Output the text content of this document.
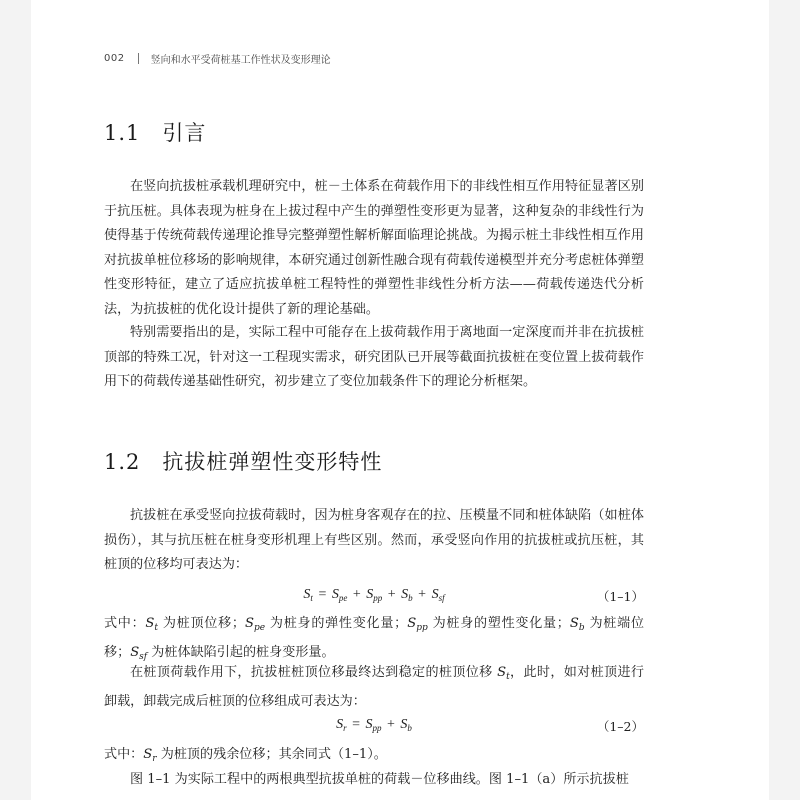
002	竖向和水平受荷桩基工作性状及变形理论
1.1 引言

在竖向抗拔桩承载机理研究中，桩－土体系在荷载作用下的非线性相互作用特征显著区别于抗压桩。具体表现为桩身在上拔过程中产生的弹塑性变形更为显著，这种复杂的非线性行为使得基于传统荷载传递理论推导完整弹塑性解析解面临理论挑战。为揭示桩土非线性相互作用对抗拔单桩位移场的影响规律，本研究通过创新性融合现有荷载传递模型并充分考虑桩体弹塑性变形特征，建立了适应抗拔单桩工程特性的弹塑性非线性分析方法——荷载传递迭代分析法，为抗拔桩的优化设计提供了新的理论基础。

特别需要指出的是，实际工程中可能存在上拔荷载作用于离地面一定深度而并非在抗拔桩顶部的特殊工况，针对这一工程现实需求，研究团队已开展等截面抗拔桩在变位置上拔荷载作用下的荷载传递基础性研究，初步建立了变位加载条件下的理论分析框架。

1.2 抗拔桩弹塑性变形特性

抗拔桩在承受竖向拉拔荷载时，因为桩身客观存在的拉、压模量不同和桩体缺陷（如桩体损伤），其与抗压桩在桩身变形机理上有些区别。然而，承受竖向作用的抗拔桩或抗压桩，其桩顶的位移均可表达为：

$S_t = S_{pe} + S_{pp} + S_b + S_{sf}$	（1–1）

式中：$S_t$ 为桩顶位移；$S_{pe}$ 为桩身的弹性变化量；$S_{pp}$ 为桩身的塑性变化量；$S_b$ 为桩端位移；$S_{sf}$ 为桩体缺陷引起的桩身变形量。

在桩顶荷载作用下，抗拔桩桩顶位移最终达到稳定的桩顶位移 $S_t$，此时，如对桩顶进行卸载，卸载完成后桩顶的位移组成可表达为：

$S_r = S_{pp} + S_b$	（1–2）

式中：$S_r$ 为桩顶的残余位移；其余同式（1–1）。

图 1–1 为实际工程中的两根典型抗拔单桩的荷载－位移曲线。图 1–1（a）所示抗拔桩
